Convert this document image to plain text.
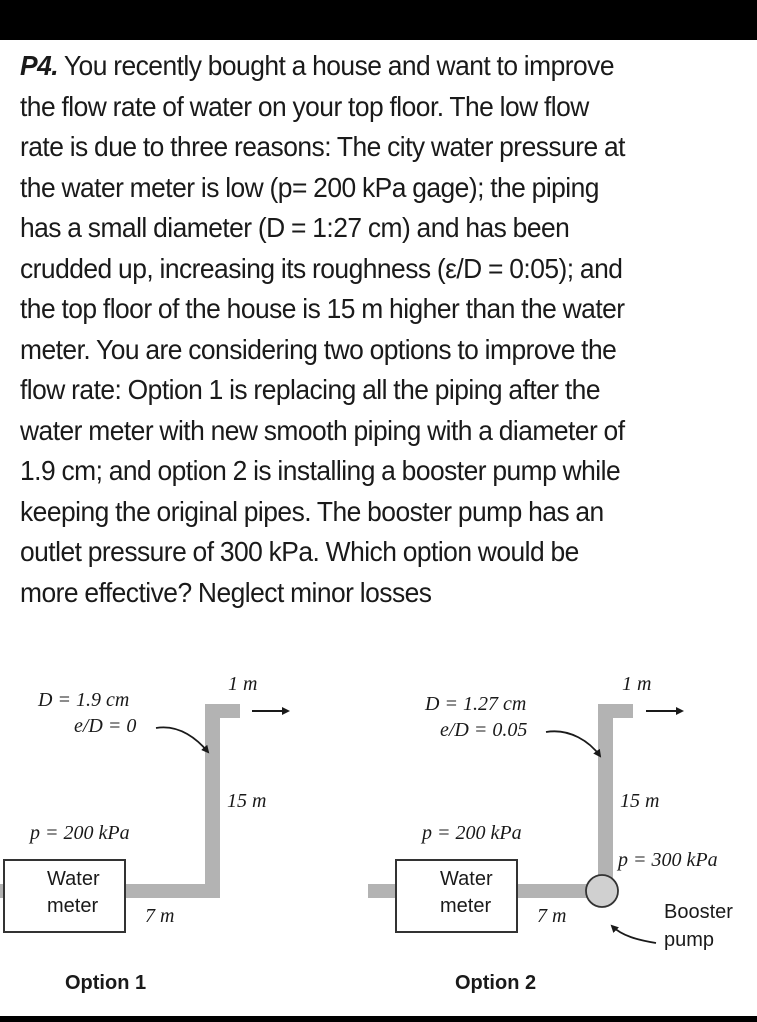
P4. You recently bought a house and want to improve
the flow rate of water on your top floor. The low flow
rate is due to three reasons: The city water pressure at
the water meter is low (p= 200 kPa gage); the piping
has a small diameter (D = 1:27 cm) and has been
crudded up, increasing its roughness (ε/D = 0:05); and
the top floor of the house is 15 m higher than the water
meter. You are considering two options to improve the
flow rate: Option 1 is replacing all the piping after the
water meter with new smooth piping with a diameter of
1.9 cm; and option 2 is installing a booster pump while
keeping the original pipes. The booster pump has an
outlet pressure of 300 kPa. Which option would be
more effective? Neglect minor losses
Water
meter
D = 1.9 cm
e/D = 0
1 m
15 m
p = 200 kPa
7 m
Option 1
Water
meter
D = 1.27 cm
e/D = 0.05
1 m
15 m
p = 200 kPa
p = 300 kPa
7 m	Booster
pump
Option 2
